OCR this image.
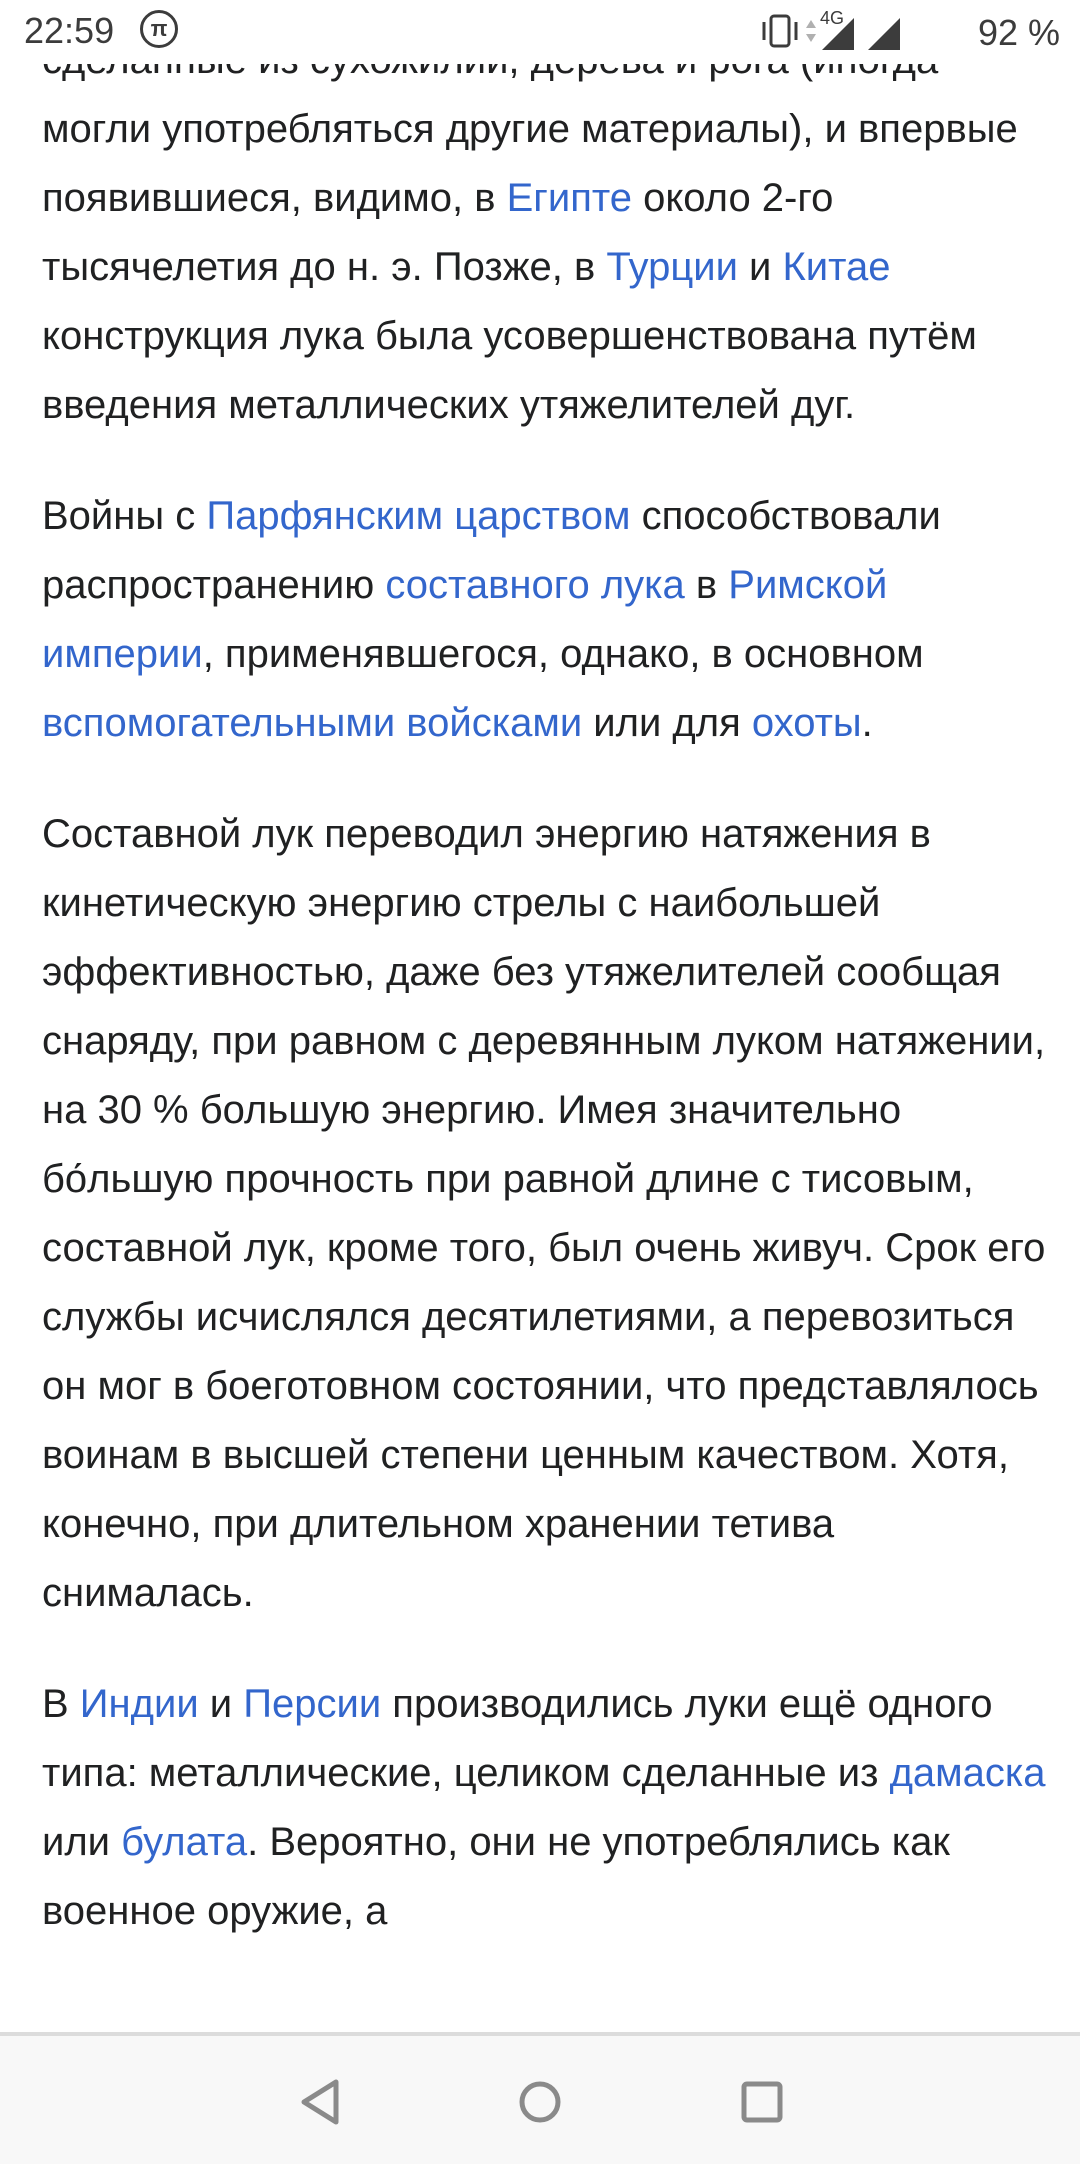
22:59	π	4G	92 %

могли употребляться другие материалы), и впервые появившиеся, видимо, в Египте около 2-го тысячелетия до н. э. Позже, в Турции и Китае конструкция лука была усовершенствована путём введения металлических утяжелителей дуг.

Войны с Парфянским царством способствовали распространению составного лука в Римской империи, применявшегося, однако, в основном вспомогательными войсками или для охоты.

Составной лук переводил энергию натяжения в кинетическую энергию стрелы с наибольшей эффективностью, даже без утяжелителей сообщая снаряду, при равном с деревянным луком натяжении, на 30 % большую энергию. Имея значительно бо́льшую прочность при равной длине с тисовым, составной лук, кроме того, был очень живуч. Срок его службы исчислялся десятилетиями, а перевозиться он мог в боеготовном состоянии, что представлялось воинам в высшей степени ценным качеством. Хотя, конечно, при длительном хранении тетива снималась.

В Индии и Персии производились луки ещё одного типа: металлические, целиком сделанные из дамаска или булата. Вероятно, они не употреблялись как военное оружие, а
